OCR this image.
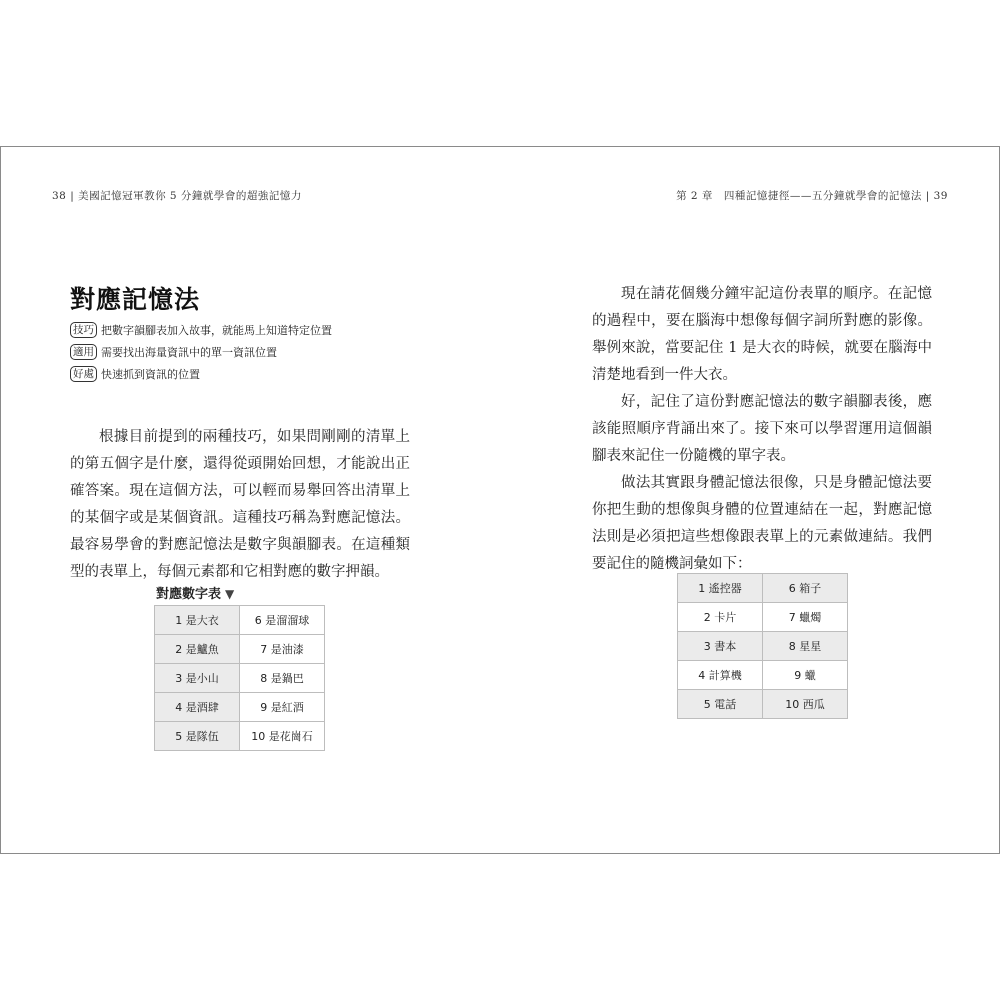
38 | 美國記憶冠軍教你 5 分鐘就學會的超強記憶力	第 2 章　四種記憶捷徑——五分鐘就學會的記憶法 | 39
對應記憶法
技巧 把數字韻腳表加入故事，就能馬上知道特定位置
適用 需要找出海量資訊中的單一資訊位置
好處 快速抓到資訊的位置

根據目前提到的兩種技巧，如果問剛剛的清單上的第五個字是什麼，還得從頭開始回想，才能說出正確答案。現在這個方法，可以輕而易舉回答出清單上的某個字或是某個資訊。這種技巧稱為對應記憶法。最容易學會的對應記憶法是數字與韻腳表。在這種類型的表單上，每個元素都和它相對應的數字押韻。

對應數字表 ▼
1 是大衣	6 是溜溜球
2 是鱸魚	7 是油漆
3 是小山	8 是鍋巴
4 是酒肆	9 是紅酒
5 是隊伍	10 是花崗石

現在請花個幾分鐘牢記這份表單的順序。在記憶的過程中，要在腦海中想像每個字詞所對應的影像。舉例來說，當要記住 1 是大衣的時候，就要在腦海中清楚地看到一件大衣。

好，記住了這份對應記憶法的數字韻腳表後，應該能照順序背誦出來了。接下來可以學習運用這個韻腳表來記住一份隨機的單字表。

做法其實跟身體記憶法很像，只是身體記憶法要你把生動的想像與身體的位置連結在一起，對應記憶法則是必須把這些想像跟表單上的元素做連結。我們要記住的隨機詞彙如下：

1 遙控器	6 箱子
2 卡片	7 蠟燭
3 書本	8 星星
4 計算機	9 蠟
5 電話	10 西瓜
